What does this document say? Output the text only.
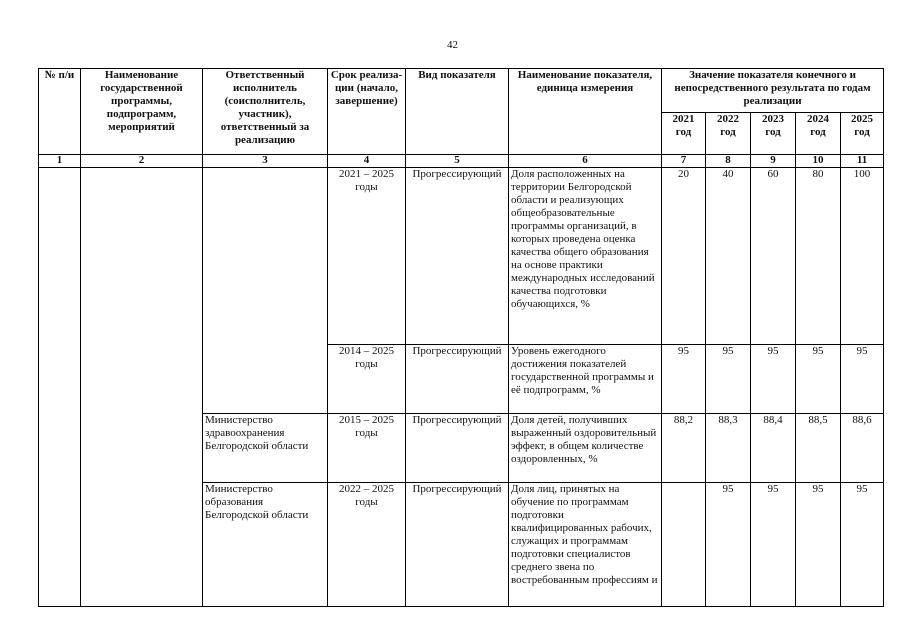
42
№ п/и	Наименование государственной программы, подпрограмм, мероприятий	Ответственный исполнитель (соисполнитель, участник), ответственный за реализацию	Срок реализа-ции (начало, завершение)	Вид показателя	Наименование показателя, единица измерения	Значение показателя конечного и непосредственного результата по годам реализации				
						2021 год	2022 год	2023 год	2024 год	2025 год
1	2	3	4	5	6	7	8	9	10	11
			2021 – 2025 годы	Прогрессирующий	Доля расположенных на территории Белгородской области и реализующих общеобразовательные программы организаций, в которых проведена оценка качества общего образования на основе практики международных исследований качества подготовки обучающихся, %	20	40	60	80	100
			2014 – 2025 годы	Прогрессирующий	Уровень ежегодного достижения показателей государственной программы и её подпрограмм, %	95	95	95	95	95
		Министерство здравоохранения Белгородской области	2015 – 2025 годы	Прогрессирующий	Доля детей, получивших выраженный оздоровительный эффект, в общем количестве оздоровленных, %	88,2	88,3	88,4	88,5	88,6
		Министерство образования Белгородской области	2022 – 2025 годы	Прогрессирующий	Доля лиц, принятых на обучение по программам подготовки квалифицированных рабочих, служащих и программам подготовки специалистов среднего звена по востребованным профессиям и		95	95	95	95
